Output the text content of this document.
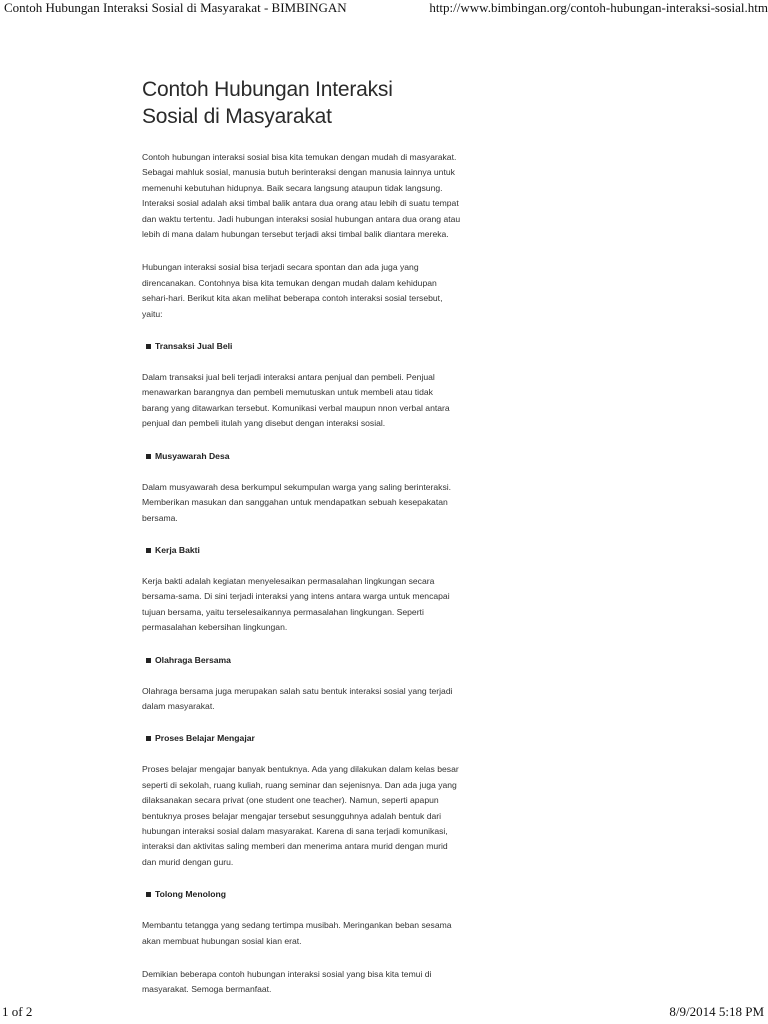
Contoh Hubungan Interaksi Sosial di Masyarakat - BIMBINGAN	http://www.bimbingan.org/contoh-hubungan-interaksi-sosial.htm
Contoh Hubungan Interaksi
Sosial di Masyarakat

Contoh hubungan interaksi sosial bisa kita temukan dengan mudah di masyarakat. Sebagai mahluk sosial, manusia butuh berinteraksi dengan manusia lainnya untuk memenuhi kebutuhan hidupnya. Baik secara langsung ataupun tidak langsung. Interaksi sosial adalah aksi timbal balik antara dua orang atau lebih di suatu tempat dan waktu tertentu. Jadi hubungan interaksi sosial hubungan antara dua orang atau lebih di mana dalam hubungan tersebut terjadi aksi timbal balik diantara mereka.

Hubungan interaksi sosial bisa terjadi secara spontan dan ada juga yang direncanakan. Contohnya bisa kita temukan dengan mudah dalam kehidupan sehari-hari. Berikut kita akan melihat beberapa contoh interaksi sosial tersebut, yaitu:

Transaksi Jual Beli

Dalam transaksi jual beli terjadi interaksi antara penjual dan pembeli. Penjual menawarkan barangnya dan pembeli memutuskan untuk membeli atau tidak barang yang ditawarkan tersebut. Komunikasi verbal maupun nnon verbal antara penjual dan pembeli itulah yang disebut dengan interaksi sosial.

Musyawarah Desa

Dalam musyawarah desa berkumpul sekumpulan warga yang saling berinteraksi. Memberikan masukan dan sanggahan untuk mendapatkan sebuah kesepakatan bersama.

Kerja Bakti

Kerja bakti adalah kegiatan menyelesaikan permasalahan lingkungan secara bersama-sama. Di sini terjadi interaksi yang intens antara warga untuk mencapai tujuan bersama, yaitu terselesaikannya permasalahan lingkungan. Seperti permasalahan kebersihan lingkungan.

Olahraga Bersama

Olahraga bersama juga merupakan salah satu bentuk interaksi sosial yang terjadi dalam masyarakat.

Proses Belajar Mengajar

Proses belajar mengajar banyak bentuknya. Ada yang dilakukan dalam kelas besar seperti di sekolah, ruang kuliah, ruang seminar dan sejenisnya. Dan ada juga yang dilaksanakan secara privat (one student one teacher). Namun, seperti apapun bentuknya proses belajar mengajar tersebut sesungguhnya adalah bentuk dari hubungan interaksi sosial dalam masyarakat. Karena di sana terjadi komunikasi, interaksi dan aktivitas saling memberi dan menerima antara murid dengan murid dan murid dengan guru.

Tolong Menolong

Membantu tetangga yang sedang tertimpa musibah. Meringankan beban sesama akan membuat hubungan sosial kian erat.

Demikian beberapa contoh hubungan interaksi sosial yang bisa kita temui di masyarakat. Semoga bermanfaat.

1 of 2	8/9/2014 5:18 PM
